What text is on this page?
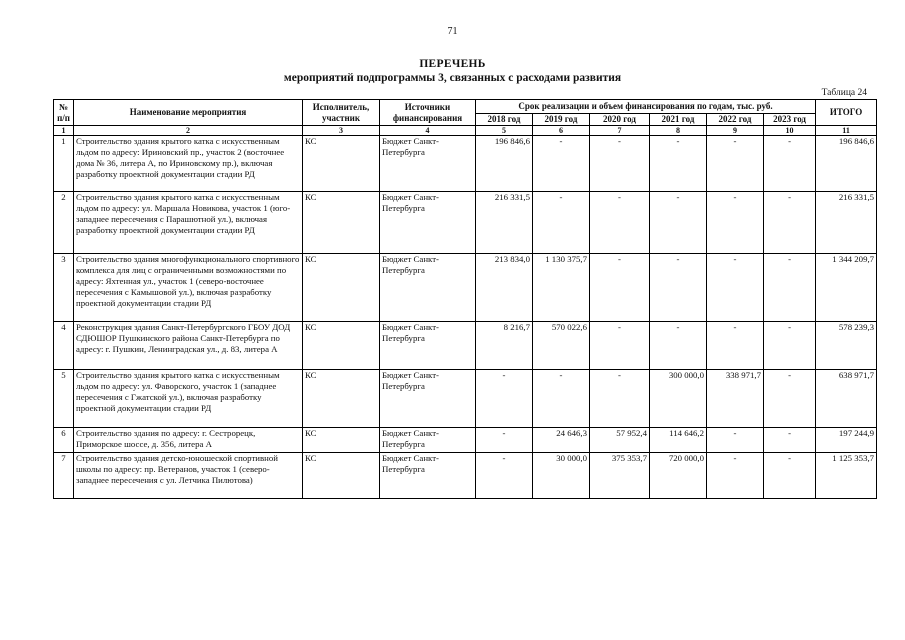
71
ПЕРЕЧЕНЬ
мероприятий подпрограммы 3, связанных с расходами развития
Таблица 24
№ п/п	Наименование мероприятия	Исполнитель, участник	Источники финансирования	Срок реализации и объем финансирования по годам, тыс. руб.						ИТОГО
				2018 год	2019 год	2020 год	2021 год	2022 год	2023 год	
1	2	3	4	5	6	7	8	9	10	11
1	Строительство здания крытого катка с искусственным льдом по адресу: Ириновский пр., участок 2 (восточнее дома № 36, литера А, по Ириновскому пр.), включая разработку проектной документации стадии РД	КС	Бюджет Санкт-Петербурга	196 846,6	-	-	-	-	-	196 846,6
2	Строительство здания крытого катка с искусственным льдом по адресу: ул. Маршала Новикова, участок 1 (юго-западнее пересечения с Парашютной ул.), включая разработку проектной документации стадии РД	КС	Бюджет Санкт-Петербурга	216 331,5	-	-	-	-	-	216 331,5
3	Строительство здания многофункционального спортивного комплекса для лиц с ограниченными возможностями по адресу: Яхтенная ул., участок 1 (северо-восточнее пересечения с Камышовой ул.), включая разработку проектной документации стадии РД	КС	Бюджет Санкт-Петербурга	213 834,0	1 130 375,7	-	-	-	-	1 344 209,7
4	Реконструкция здания Санкт-Петербургского ГБОУ ДОД СДЮШОР Пушкинского района Санкт-Петербурга по адресу: г. Пушкин, Ленинградская ул., д. 83, литера А	КС	Бюджет Санкт-Петербурга	8 216,7	570 022,6	-	-	-	-	578 239,3
5	Строительство здания крытого катка с искусственным льдом по адресу: ул. Фаворского, участок 1 (западнее пересечения с Гжатской ул.), включая разработку проектной документации стадии РД	КС	Бюджет Санкт-Петербурга	-	-	-	300 000,0	338 971,7	-	638 971,7
6	Строительство здания по адресу: г. Сестрорецк, Приморское шоссе, д. 356, литера А	КС	Бюджет Санкт-Петербурга	-	24 646,3	57 952,4	114 646,2	-	-	197 244,9
7	Строительство здания детско-юношеской спортивной школы по адресу: пр. Ветеранов, участок 1 (северо-западнее пересечения с ул. Летчика Пилютова)	КС	Бюджет Санкт-Петербурга	-	30 000,0	375 353,7	720 000,0	-	-	1 125 353,7
